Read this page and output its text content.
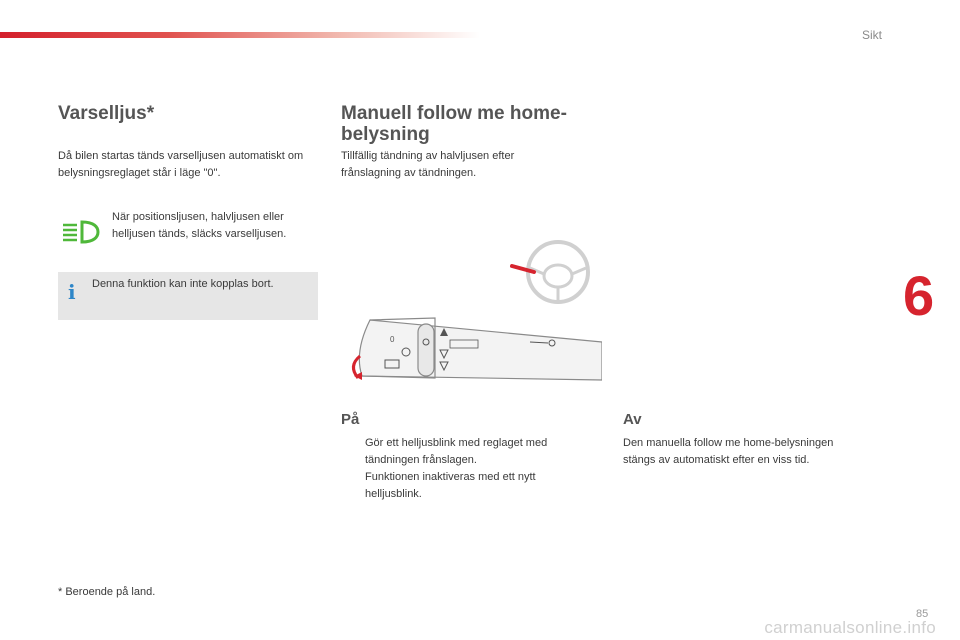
Sikt
6
Varselljus*

Då bilen startas tänds varselljusen automatiskt om belysningsreglaget står i läge "0".

När positionsljusen, halvljusen eller helljusen tänds, släcks varselljusen.

i	Denna funktion kan inte kopplas bort.
* Beroende på land.
Manuell follow me home-
belysning

Tillfällig tändning av halvljusen efter
frånslagning av tändningen.

0
På
Gör ett helljusblink med reglaget med
tändningen frånslagen.
Funktionen inaktiveras med ett nytt
helljusblink.
Av

Den manuella follow me home-belysningen
stängs av automatiskt efter en viss tid.

85
carmanualsonline.info
